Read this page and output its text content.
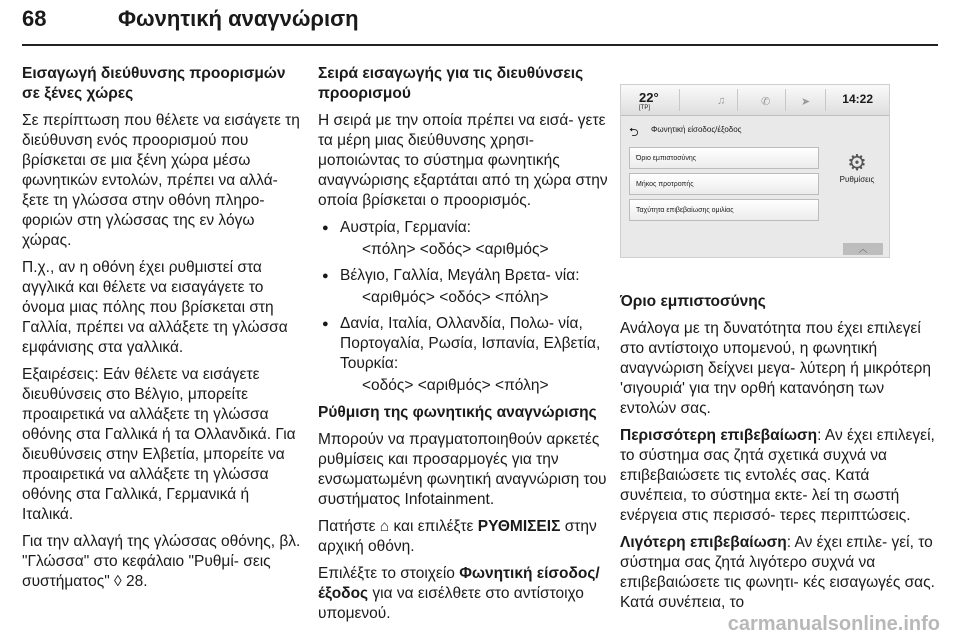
68	Φωνητική αναγνώριση

Εισαγωγή διεύθυνσης προορισμών σε ξένες χώρες

Σε περίπτωση που θέλετε να εισάγετε τη διεύθυνση ενός προορισμού που βρίσκεται σε μια ξένη χώρα μέσω φωνητικών εντολών, πρέπει να αλλά‐ ξετε τη γλώσσα στην οθόνη πληρο‐ φοριών στη γλώσσας της εν λόγω χώρας.

Π.χ., αν η οθόνη έχει ρυθμιστεί στα αγγλικά και θέλετε να εισαγάγετε το όνομα μιας πόλης που βρίσκεται στη Γαλλία, πρέπει να αλλάξετε τη γλώσσα εμφάνισης στα γαλλικά.

Εξαιρέσεις: Εάν θέλετε να εισάγετε διευθύνσεις στο Βέλγιο, μπορείτε προαιρετικά να αλλάξετε τη γλώσσα οθόνης στα Γαλλικά ή τα Ολλανδικά. Για διευθύνσεις στην Ελβετία, μπορείτε να προαιρετικά να αλλάξετε τη γλώσσα οθόνης στα Γαλλικά, Γερμανικά ή Ιταλικά.

Για την αλλαγή της γλώσσας οθόνης, βλ. "Γλώσσα" στο κεφάλαιο "Ρυθμί‐ σεις συστήματος" ◊ 28.

Σειρά εισαγωγής για τις διευθύνσεις προορισμού

Η σειρά με την οποία πρέπει να εισά‐ γετε τα μέρη μιας διεύθυνσης χρησι‐ μοποιώντας το σύστημα φωνητικής αναγνώρισης εξαρτάται από τη χώρα στην οποία βρίσκεται ο προορισμός.

● Αυστρία, Γερμανία:
<πόλη> <οδός> <αριθμός>
● Βέλγιο, Γαλλία, Μεγάλη Βρετα‐ νία:
<αριθμός> <οδός> <πόλη>
● Δανία, Ιταλία, Ολλανδία, Πολω‐ νία, Πορτογαλία, Ρωσία, Ισπανία, Ελβετία, Τουρκία:
<οδός> <αριθμός> <πόλη>

Ρύθμιση της φωνητικής αναγνώρισης

Μπορούν να πραγματοποιηθούν αρκετές ρυθμίσεις και προσαρμογές για την ενσωματωμένη φωνητική αναγνώριση του συστήματος Infotainment.

Πατήστε ⌂ και επιλέξτε ΡΥΘΜΙΣΕΙΣ στην αρχική οθόνη.

Επιλέξτε το στοιχείο Φωνητική είσοδος/έξοδος για να εισέλθετε στο αντίστοιχο υπομενού.

22°
[TP]
♫	✆	➤	14:22
⮌ Φωνητική είσοδος/έξοδος
Όριο εμπιστοσύνης
Μήκος προτροπής
Ταχύτητα επιβεβαίωσης ομιλίας
⚙
Ρυθμίσεις
︿

Όριο εμπιστοσύνης

Ανάλογα με τη δυνατότητα που έχει επιλεγεί στο αντίστοιχο υπομενού, η φωνητική αναγνώριση δείχνει μεγα‐ λύτερη ή μικρότερη 'σιγουριά' για την ορθή κατανόηση των εντολών σας.

Περισσότερη επιβεβαίωση: Αν έχει επιλεγεί, το σύστημα σας ζητά σχετικά συχνά να επιβεβαιώσετε τις εντολές σας. Κατά συνέπεια, το σύστημα εκτε‐ λεί τη σωστή ενέργεια στις περισσό‐ τερες περιπτώσεις.

Λιγότερη επιβεβαίωση: Αν έχει επιλε‐ γεί, το σύστημα σας ζητά λιγότερο συχνά να επιβεβαιώσετε τις φωνητι‐ κές εισαγωγές σας. Κατά συνέπεια, το

carmanualsonline.info
